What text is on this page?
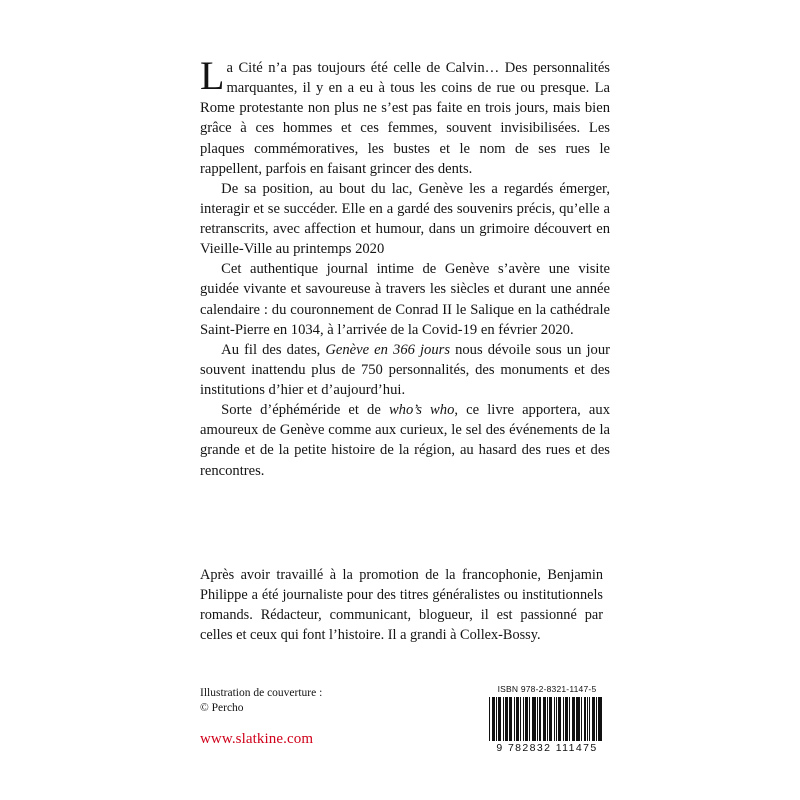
La Cité n’a pas toujours été celle de Calvin… Des personnalités marquantes, il y en a eu à tous les coins de rue ou presque. La Rome protestante non plus ne s’est pas faite en trois jours, mais bien grâce à ces hommes et ces femmes, souvent invisibilisées. Les plaques commémoratives, les bustes et le nom de ses rues le rappellent, parfois en faisant grincer des dents.

De sa position, au bout du lac, Genève les a regardés émerger, interagir et se succéder. Elle en a gardé des souvenirs précis, qu’elle a retranscrits, avec affection et humour, dans un grimoire découvert en Vieille-Ville au printemps 2020

Cet authentique journal intime de Genève s’avère une visite guidée vivante et savoureuse à travers les siècles et durant une année calendaire : du couronnement de Conrad II le Salique en la cathédrale Saint-Pierre en 1034, à l’arrivée de la Covid-19 en février 2020.

Au fil des dates, Genève en 366 jours nous dévoile sous un jour souvent inattendu plus de 750 personnalités, des monuments et des institutions d’hier et d’aujourd’hui.

Sorte d’éphéméride et de who’s who, ce livre apportera, aux amoureux de Genève comme aux curieux, le sel des événements de la grande et de la petite histoire de la région, au hasard des rues et des rencontres.

Après avoir travaillé à la promotion de la francophonie, Benjamin Philippe a été journaliste pour des titres généralistes ou institutionnels romands. Rédacteur, communicant, blogueur, il est passionné par celles et ceux qui font l’histoire. Il a grandi à Collex-Bossy.

Illustration de couverture :
© Percho
www.slatkine.com
ISBN 978-2-8321-1147-5
9 782832 111475
